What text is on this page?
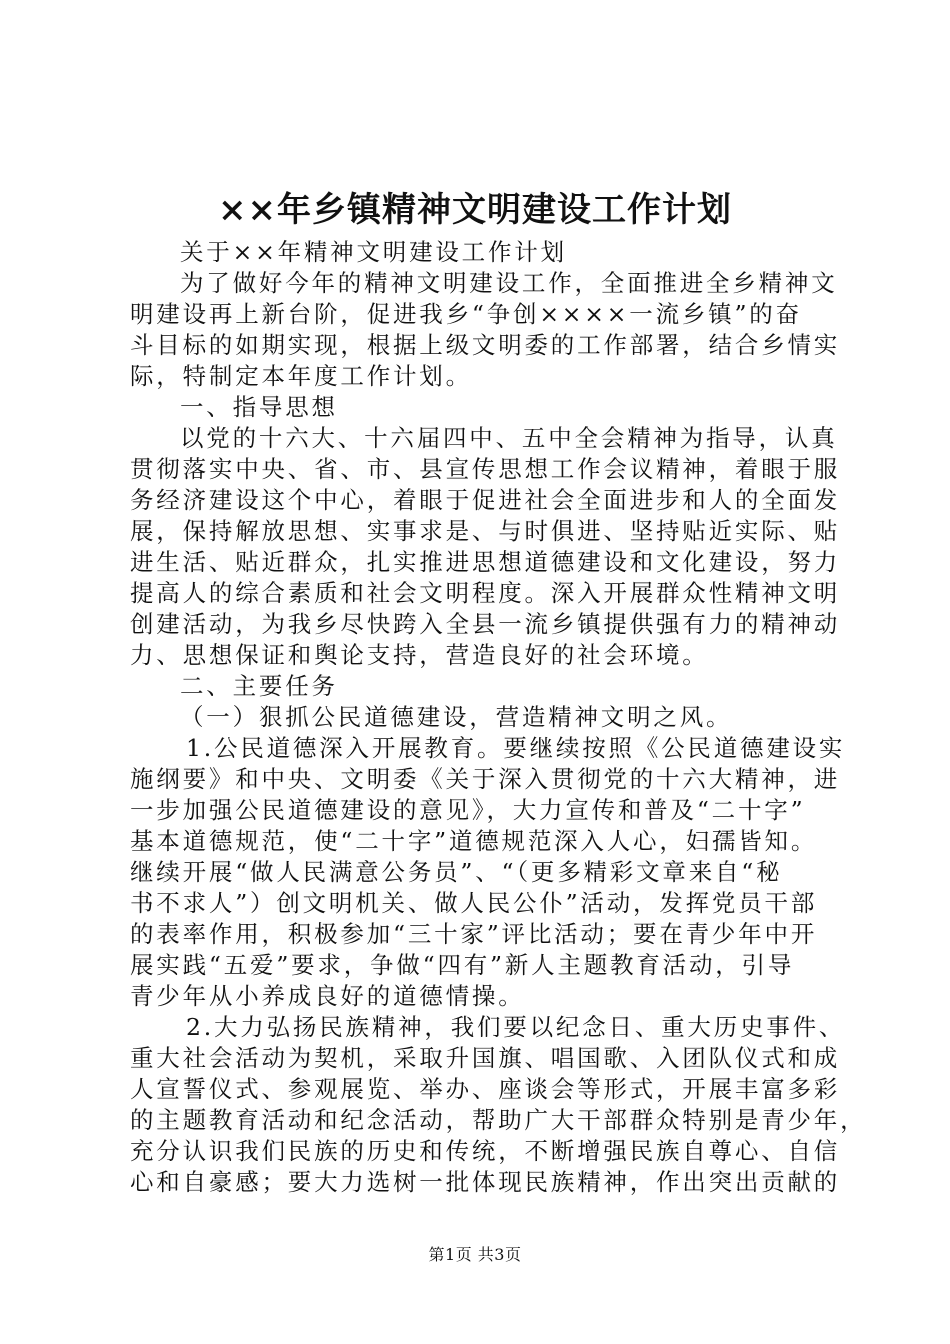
××年乡镇精神文明建设工作计划
关于××年精神文明建设工作计划
为了做好今年的精神文明建设工作，全面推进全乡精神文
明建设再上新台阶，促进我乡“争创××××一流乡镇”的奋
斗目标的如期实现，根据上级文明委的工作部署，结合乡情实
际，特制定本年度工作计划。
一、指导思想
以党的十六大、十六届四中、五中全会精神为指导，认真
贯彻落实中央、省、市、县宣传思想工作会议精神，着眼于服
务经济建设这个中心，着眼于促进社会全面进步和人的全面发
展，保持解放思想、实事求是、与时俱进、坚持贴近实际、贴
进生活、贴近群众，扎实推进思想道德建设和文化建设，努力
提高人的综合素质和社会文明程度。深入开展群众性精神文明
创建活动，为我乡尽快跨入全县一流乡镇提供强有力的精神动
力、思想保证和舆论支持，营造良好的社会环境。
二、主要任务
（一）狠抓公民道德建设，营造精神文明之风。
1.公民道德深入开展教育。要继续按照《公民道德建设实
施纲要》和中央、文明委《关于深入贯彻党的十六大精神，进
一步加强公民道德建设的意见》，大力宣传和普及“二十字”
基本道德规范，使“二十字”道德规范深入人心，妇孺皆知。
继续开展“做人民满意公务员”、“（更多精彩文章来自“秘
书不求人”）创文明机关、做人民公仆”活动，发挥党员干部
的表率作用，积极参加“三十家”评比活动；要在青少年中开
展实践“五爱”要求，争做“四有”新人主题教育活动，引导
青少年从小养成良好的道德情操。
2.大力弘扬民族精神，我们要以纪念日、重大历史事件、
重大社会活动为契机，采取升国旗、唱国歌、入团队仪式和成
人宣誓仪式、参观展览、举办、座谈会等形式，开展丰富多彩
的主题教育活动和纪念活动，帮助广大干部群众特别是青少年，
充分认识我们民族的历史和传统，不断增强民族自尊心、自信
心和自豪感；要大力选树一批体现民族精神，作出突出贡献的
第1页 共3页
